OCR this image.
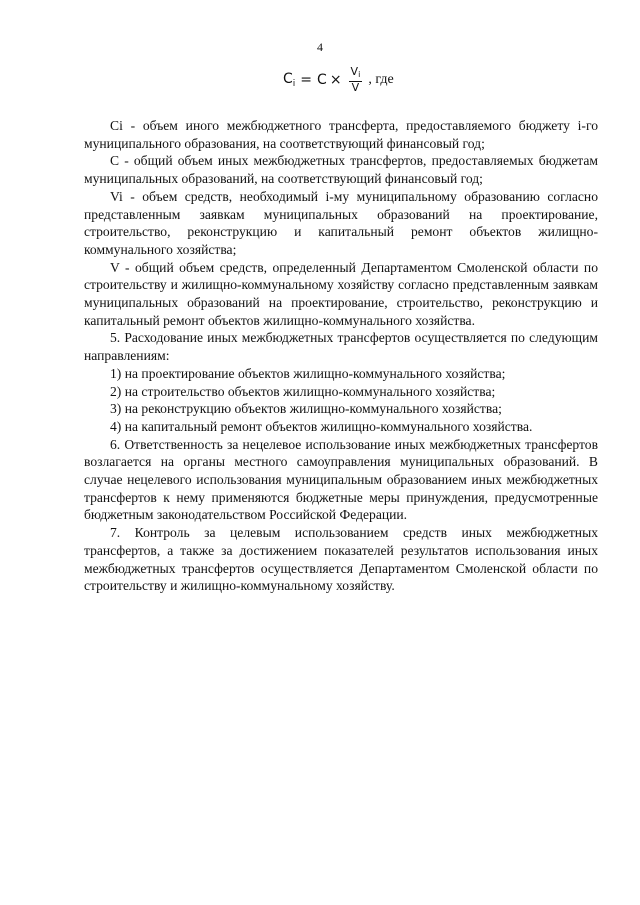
4
$C_i = C \times \frac{V_i}{V}$ , где

Ci - объем иного межбюджетного трансферта, предоставляемого бюджету i-го муниципального образования, на соответствующий финансовый год;

С - общий объем иных межбюджетных трансфертов, предоставляемых бюджетам муниципальных образований, на соответствующий финансовый год;

Vi - объем средств, необходимый i-му муниципальному образованию согласно представленным заявкам муниципальных образований на проектирование, строительство, реконструкцию и капитальный ремонт объектов жилищно-коммунального хозяйства;

V - общий объем средств, определенный Департаментом Смоленской области по строительству и жилищно-коммунальному хозяйству согласно представленным заявкам муниципальных образований на проектирование, строительство, реконструкцию и капитальный ремонт объектов жилищно-коммунального хозяйства.

5. Расходование иных межбюджетных трансфертов осуществляется по следующим направлениям:

1) на проектирование объектов жилищно-коммунального хозяйства;

2) на строительство объектов жилищно-коммунального хозяйства;

3) на реконструкцию объектов жилищно-коммунального хозяйства;

4) на капитальный ремонт объектов жилищно-коммунального хозяйства.

6. Ответственность за нецелевое использование иных межбюджетных трансфертов возлагается на органы местного самоуправления муниципальных образований. В случае нецелевого использования муниципальным образованием иных межбюджетных трансфертов к нему применяются бюджетные меры принуждения, предусмотренные бюджетным законодательством Российской Федерации.

7. Контроль за целевым использованием средств иных межбюджетных трансфертов, а также за достижением показателей результатов использования иных межбюджетных трансфертов осуществляется Департаментом Смоленской области по строительству и жилищно-коммунальному хозяйству.
